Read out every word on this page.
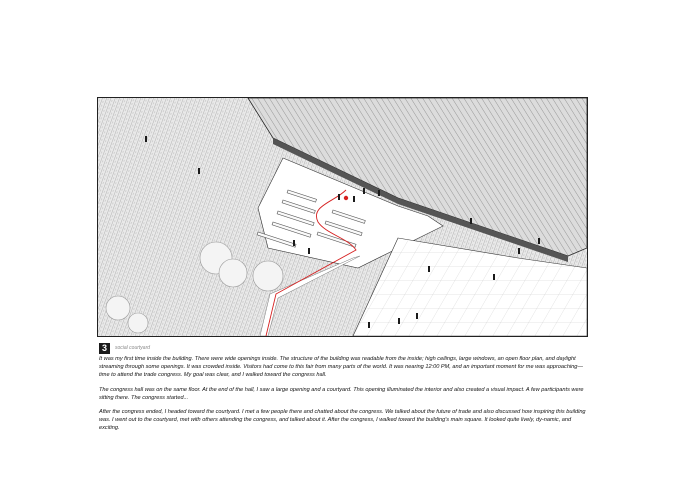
3	social courtyard

It was my first time inside the building. There were wide openings inside. The structure of the building was readable from the inside; high ceilings, large windows, an open floor plan, and daylight streaming through some openings. It was crowded inside. Visitors had come to this fair from many parts of the world. It was nearing 12:00 PM, and an important moment for me was approaching—time to attend the trade congress. My goal was clear, and I walked toward the congress hall.

The congress hall was on the same floor. At the end of the hall, I saw a large opening and a courtyard. This opening illuminated the interior and also created a visual impact. A few participants were sitting there. The congress started...

After the congress ended, I headed toward the courtyard. I met a few people there and chatted about the congress. We talked about the future of trade and also discussed how inspiring this building was. I went out to the courtyard, met with others attending the congress, and talked about it. After the congress, I walked toward the building's main square. It looked quite lively, dy-namic, and exciting.
